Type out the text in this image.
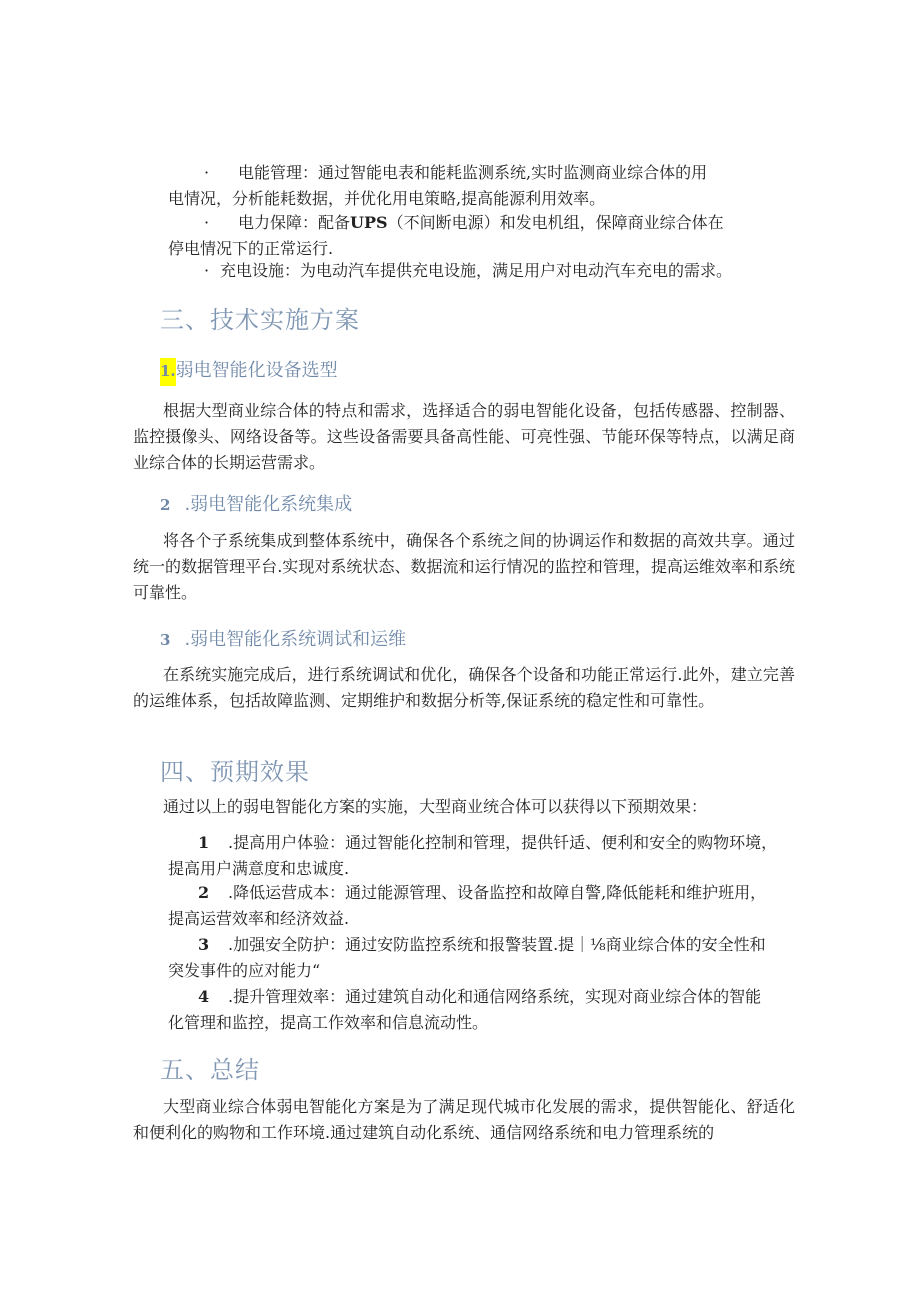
· 电能管理：通过智能电表和能耗监测系统,实时监测商业综合体的用
电情况，分析能耗数据，并优化用电策略,提高能源利用效率。
· 电力保障：配备UPS（不间断电源）和发电机组，保障商业综合体在
停电情况下的正常运行.
· 充电设施：为电动汽车提供充电设施，满足用户对电动汽车充电的需求。
三、技术实施方案
1.弱电智能化设备选型

根据大型商业综合体的特点和需求，选择适合的弱电智能化设备，包括传感器、控制器、监控摄像头、网络设备等。这些设备需要具备高性能、可亮性强、节能环保等特点，以满足商业综合体的长期运营需求。

2 .弱电智能化系统集成

将各个子系统集成到整体系统中，确保各个系统之间的协调运作和数据的高效共享。通过统一的数据管理平台.实现对系统状态、数据流和运行情况的监控和管理，提高运维效率和系统可靠性。

3 .弱电智能化系统调试和运维

在系统实施完成后，进行系统调试和优化，确保各个设备和功能正常运行.此外，建立完善的运维体系，包括故障监测、定期维护和数据分析等,保证系统的稳定性和可靠性。

四、预期效果

通过以上的弱电智能化方案的实施，大型商业统合体可以获得以下预期效果：

1 .提高用户体验：通过智能化控制和管理，提供钎适、便利和安全的购物环境，
提高用户满意度和忠诚度.
2 .降低运营成本：通过能源管理、设备监控和故障自警,降低能耗和维护班用，
提高运营效率和经济效益.
3 .加强安全防护：通过安防监控系统和报警装置.提｜⅛商业综合体的安全性和
突发事件的应对能力“
4 .提升管理效率：通过建筑自动化和通信网络系统，实现对商业综合体的智能
化管理和监控，提高工作效率和信息流动性。
五、总结

大型商业综合体弱电智能化方案是为了满足现代城市化发展的需求，提供智能化、舒适化和便利化的购物和工作环境.通过建筑自动化系统、通信网络系统和电力管理系统的
